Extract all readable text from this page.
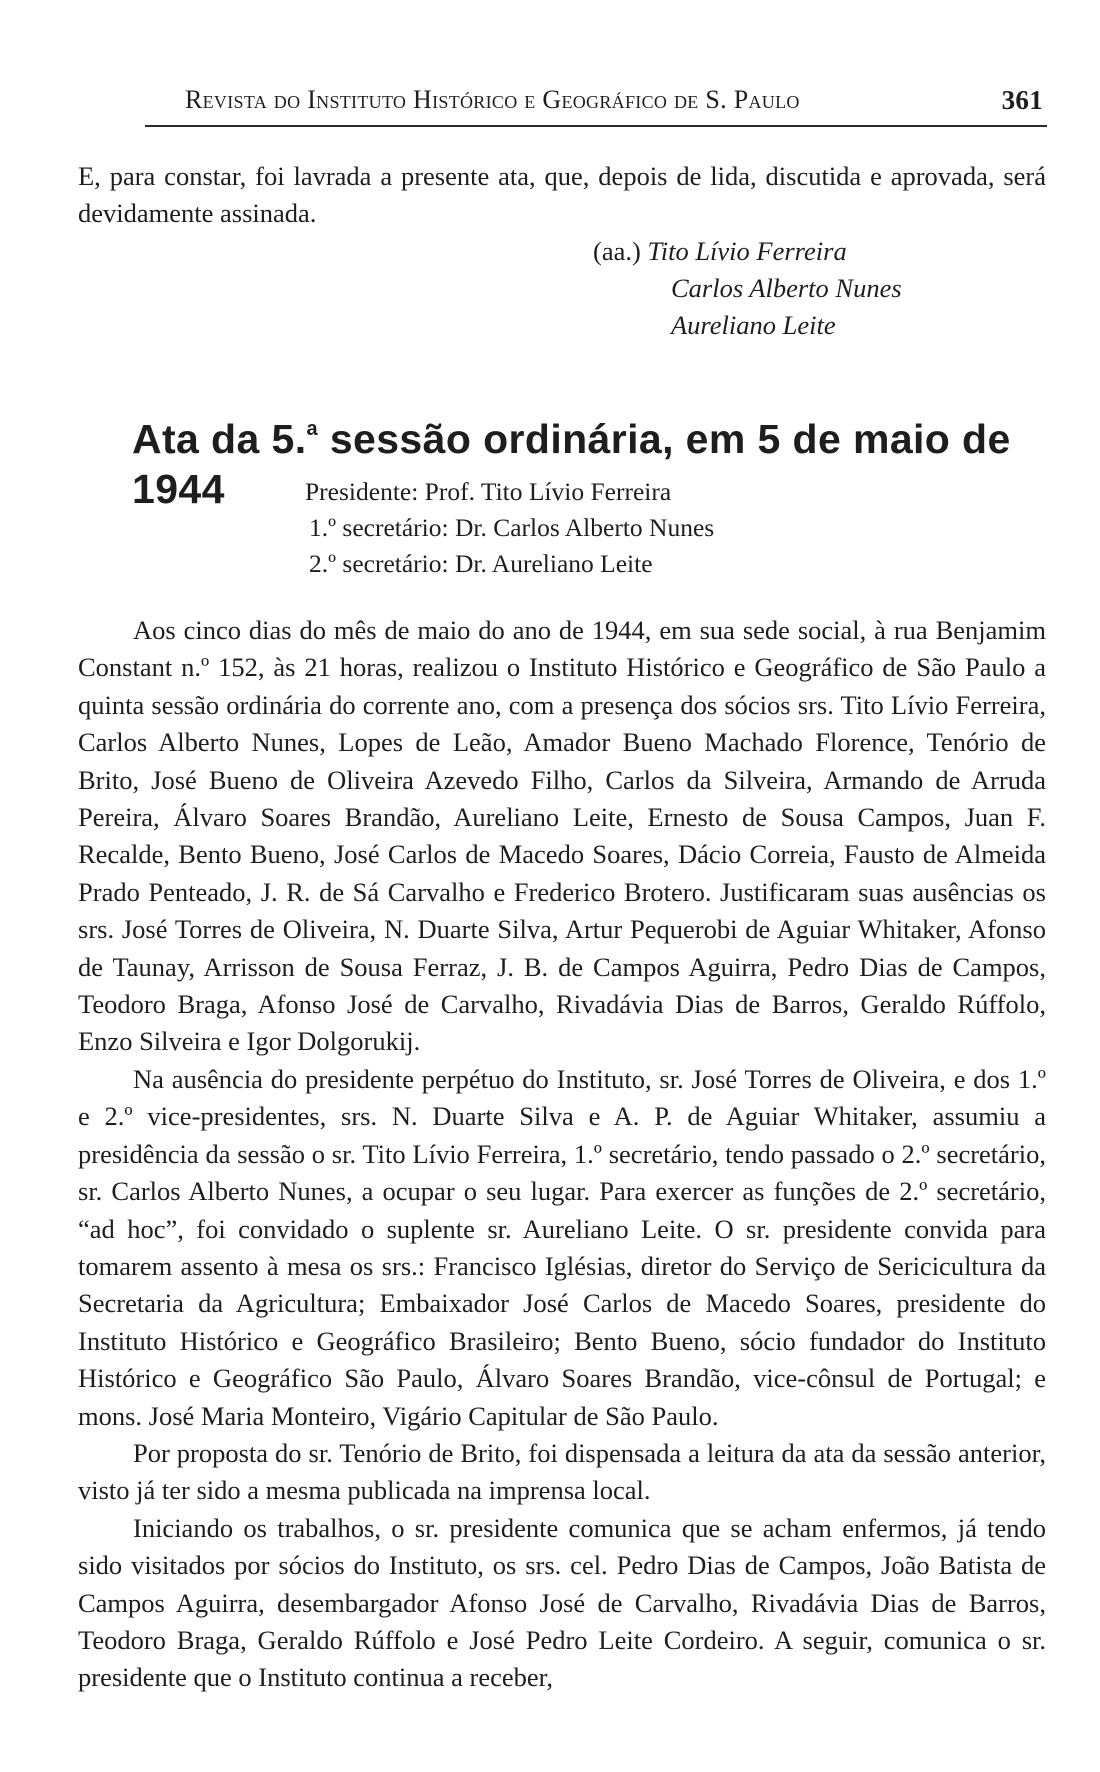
Revista do Instituto Histórico e Geográfico de S. Paulo	361

E, para constar, foi lavrada a presente ata, que, depois de lida, discutida e aprovada, será devidamente assinada.

(aa.) Tito Lívio Ferreira
Carlos Alberto Nunes
Aureliano Leite
Ata da 5.$^a$ sessão ordinária, em 5 de maio de 1944	Presidente: Prof. Tito Lívio Ferreira
1.º secretário: Dr. Carlos Alberto Nunes
2.º secretário: Dr. Aureliano Leite

Aos cinco dias do mês de maio do ano de 1944, em sua sede social, à rua Benjamim Constant n.º 152, às 21 horas, realizou o Instituto Histórico e Geográfico de São Paulo a quinta sessão ordinária do corrente ano, com a presença dos sócios srs. Tito Lívio Ferreira, Carlos Alberto Nunes, Lopes de Leão, Amador Bueno Machado Florence, Tenório de Brito, José Bueno de Oliveira Azevedo Filho, Carlos da Silveira, Armando de Arruda Pereira, Álvaro Soares Brandão, Aureliano Leite, Ernesto de Sousa Campos, Juan F. Recalde, Bento Bueno, José Carlos de Macedo Soares, Dácio Correia, Fausto de Almeida Prado Penteado, J. R. de Sá Carvalho e Frederico Brotero. Justificaram suas ausências os srs. José Torres de Oliveira, N. Duarte Silva, Artur Pequerobi de Aguiar Whitaker, Afonso de Taunay, Arrisson de Sousa Ferraz, J. B. de Campos Aguirra, Pedro Dias de Campos, Teodoro Braga, Afonso José de Carvalho, Rivadávia Dias de Barros, Geraldo Rúffolo, Enzo Silveira e Igor Dolgorukij.

Na ausência do presidente perpétuo do Instituto, sr. José Torres de Oliveira, e dos 1.º e 2.º vice-presidentes, srs. N. Duarte Silva e A. P. de Aguiar Whitaker, assumiu a presidência da sessão o sr. Tito Lívio Ferreira, 1.º secretário, tendo passado o 2.º secretário, sr. Carlos Alberto Nunes, a ocupar o seu lugar. Para exercer as funções de 2.º secretário, “ad hoc”, foi convidado o suplente sr. Aureliano Leite. O sr. presidente convida para tomarem assento à mesa os srs.: Francisco Iglésias, diretor do Serviço de Sericicultura da Secretaria da Agricultura; Embaixador José Carlos de Macedo Soares, presidente do Instituto Histórico e Geográfico Brasileiro; Bento Bueno, sócio fundador do Instituto Histórico e Geográfico São Paulo, Álvaro Soares Brandão, vice-cônsul de Portugal; e mons. José Maria Monteiro, Vigário Capitular de São Paulo.

Por proposta do sr. Tenório de Brito, foi dispensada a leitura da ata da sessão anterior, visto já ter sido a mesma publicada na imprensa local.

Iniciando os trabalhos, o sr. presidente comunica que se acham enfermos, já tendo sido visitados por sócios do Instituto, os srs. cel. Pedro Dias de Campos, João Batista de Campos Aguirra, desembargador Afonso José de Carvalho, Rivadávia Dias de Barros, Teodoro Braga, Geraldo Rúffolo e José Pedro Leite Cordeiro. A seguir, comunica o sr. presidente que o Instituto continua a receber,
